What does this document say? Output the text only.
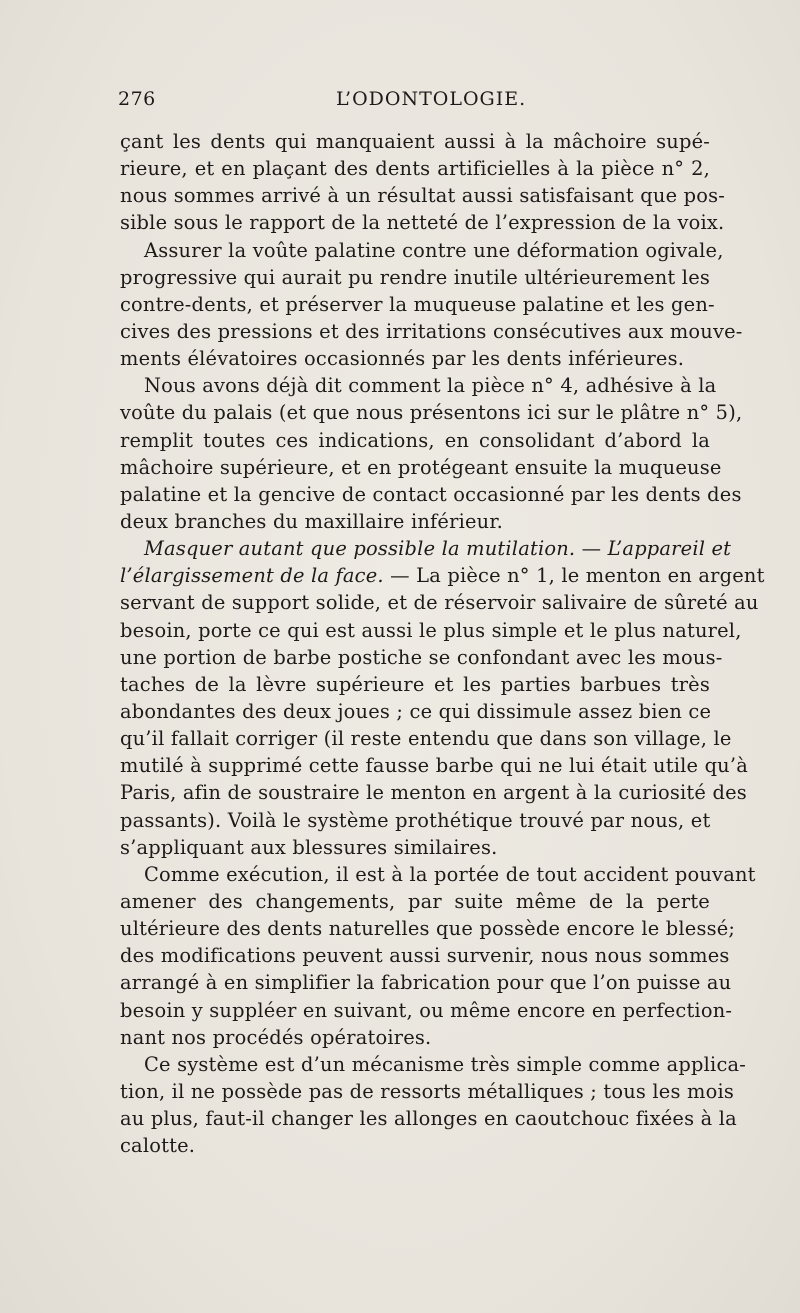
276	L’ODONTOLOGIE.
çant les dents qui manquaient aussi à la mâchoire supé-
rieure, et en plaçant des dents artificielles à la pièce n° 2,
nous sommes arrivé à un résultat aussi satisfaisant que pos-
sible sous le rapport de la netteté de l’expression de la voix.
Assurer la voûte palatine contre une déformation ogivale,
progressive qui aurait pu rendre inutile ultérieurement les
contre-dents, et préserver la muqueuse palatine et les gen-
cives des pressions et des irritations consécutives aux mouve-
ments élévatoires occasionnés par les dents inférieures.
Nous avons déjà dit comment la pièce n° 4, adhésive à la
voûte du palais (et que nous présentons ici sur le plâtre n° 5),
remplit toutes ces indications, en consolidant d’abord la
mâchoire supérieure, et en protégeant ensuite la muqueuse
palatine et la gencive de contact occasionné par les dents des
deux branches du maxillaire inférieur.
Masquer autant que possible la mutilation. — L’appareil et
l’élargissement de la face. — La pièce n° 1, le menton en argent
servant de support solide, et de réservoir salivaire de sûreté au
besoin, porte ce qui est aussi le plus simple et le plus naturel,
une portion de barbe postiche se confondant avec les mous-
taches de la lèvre supérieure et les parties barbues très
abondantes des deux joues ; ce qui dissimule assez bien ce
qu’il fallait corriger (il reste entendu que dans son village, le
mutilé à supprimé cette fausse barbe qui ne lui était utile qu’à
Paris, afin de soustraire le menton en argent à la curiosité des
passants). Voilà le système prothétique trouvé par nous, et
s’appliquant aux blessures similaires.
Comme exécution, il est à la portée de tout accident pouvant
amener des changements, par suite même de la perte
ultérieure des dents naturelles que possède encore le blessé;
des modifications peuvent aussi survenir, nous nous sommes
arrangé à en simplifier la fabrication pour que l’on puisse au
besoin y suppléer en suivant, ou même encore en perfection-
nant nos procédés opératoires.
Ce système est d’un mécanisme très simple comme applica-
tion, il ne possède pas de ressorts métalliques ; tous les mois
au plus, faut-il changer les allonges en caoutchouc fixées à la
calotte.
